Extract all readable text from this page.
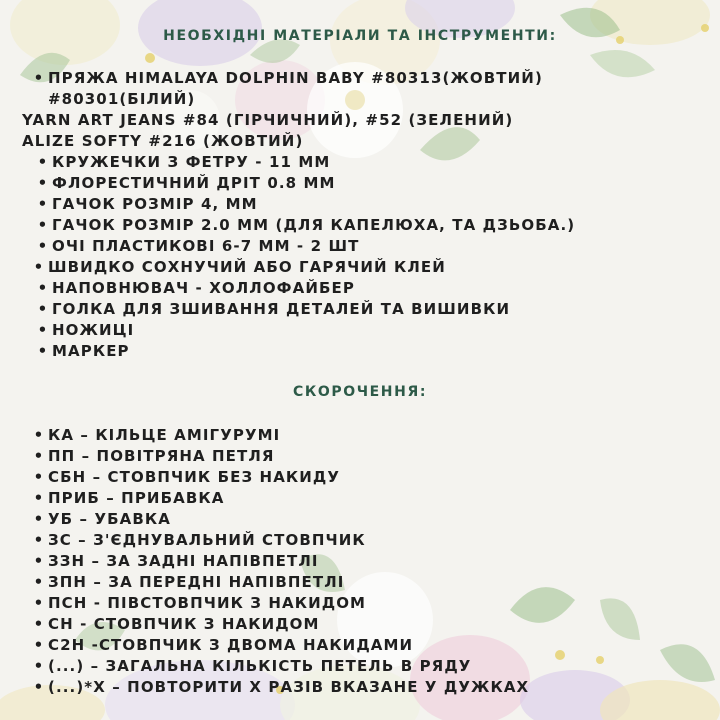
НЕОБХІДНІ МАТЕРІАЛИ ТА ІНСТРУМЕНТИ:
• ПРЯЖА HIMALAYA DOLPHIN BABY #80313(ЖОВТИЙ)
#80301(БІЛИЙ)
YARN ART JEANS #84 (ГІРЧИЧНИЙ), #52 (ЗЕЛЕНИЙ)
ALIZE SOFTY #216 (ЖОВТИЙ)
• КРУЖЕЧКИ З ФЕТРУ - 11 ММ
• ФЛОРЕСТИЧНИЙ ДРІТ 0.8 ММ
• ГАЧОК РОЗМІР 4, ММ
• ГАЧОК РОЗМІР 2.0 ММ (ДЛЯ КАПЕЛЮХА, ТА ДЗЬОБА.)
• ОЧІ ПЛАСТИКОВІ 6-7 ММ - 2 ШТ
• ШВИДКО СОХНУЧИЙ АБО ГАРЯЧИЙ КЛЕЙ
• НАПОВНЮВАЧ - ХОЛЛОФАЙБЕР
• ГОЛКА ДЛЯ ЗШИВАННЯ ДЕТАЛЕЙ ТА ВИШИВКИ
• НОЖИЦІ
• МАРКЕР
СКОРОЧЕННЯ:
• КА – КІЛЬЦЕ АМІГУРУМІ
• ПП – ПОВІТРЯНА ПЕТЛЯ
• СБН – СТОВПЧИК БЕЗ НАКИДУ
• ПРИБ – ПРИБАВКА
• УБ – УБАВКА
• ЗС – З'ЄДНУВАЛЬНИЙ СТОВПЧИК
• ЗЗН – ЗА ЗАДНІ НАПІВПЕТЛІ
• ЗПН – ЗА ПЕРЕДНІ НАПІВПЕТЛІ
• ПСН - ПІВСТОВПЧИК З НАКИДОМ
• СН - СТОВПЧИК З НАКИДОМ
• С2Н -СТОВПЧИК З ДВОМА НАКИДАМИ
• (...) – ЗАГАЛЬНА КІЛЬКІСТЬ ПЕТЕЛЬ В РЯДУ
• (...)*Х – ПОВТОРИТИ Х РАЗІВ ВКАЗАНЕ У ДУЖКАХ
